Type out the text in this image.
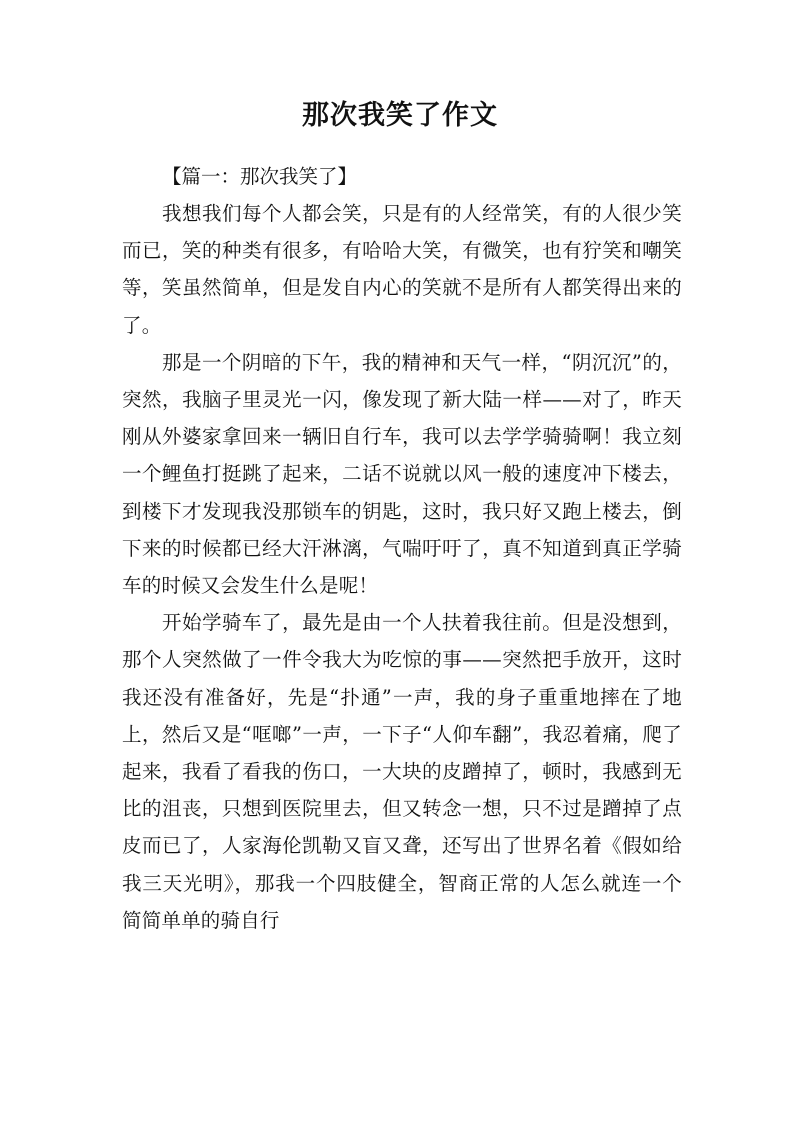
那次我笑了作文

【篇一：那次我笑了】

我想我们每个人都会笑，只是有的人经常笑，有的人很少笑而已，笑的种类有很多，有哈哈大笑，有微笑，也有狞笑和嘲笑等，笑虽然简单，但是发自内心的笑就不是所有人都笑得出来的了。

那是一个阴暗的下午，我的精神和天气一样，“阴沉沉”的，突然，我脑子里灵光一闪，像发现了新大陆一样——对了，昨天刚从外婆家拿回来一辆旧自行车，我可以去学学骑骑啊！我立刻一个鲤鱼打挺跳了起来，二话不说就以风一般的速度冲下楼去，到楼下才发现我没那锁车的钥匙，这时，我只好又跑上楼去，倒下来的时候都已经大汗淋漓，气喘吁吁了，真不知道到真正学骑车的时候又会发生什么是呢！

开始学骑车了，最先是由一个人扶着我往前。但是没想到，那个人突然做了一件令我大为吃惊的事——突然把手放开，这时我还没有准备好，先是“扑通”一声，我的身子重重地摔在了地上，然后又是“哐啷”一声，一下子“人仰车翻”，我忍着痛，爬了起来，我看了看我的伤口，一大块的皮蹭掉了，顿时，我感到无比的沮丧，只想到医院里去，但又转念一想，只不过是蹭掉了点皮而已了，人家海伦凯勒又盲又聋，还写出了世界名着《假如给我三天光明》，那我一个四肢健全，智商正常的人怎么就连一个简简单单的骑自行
